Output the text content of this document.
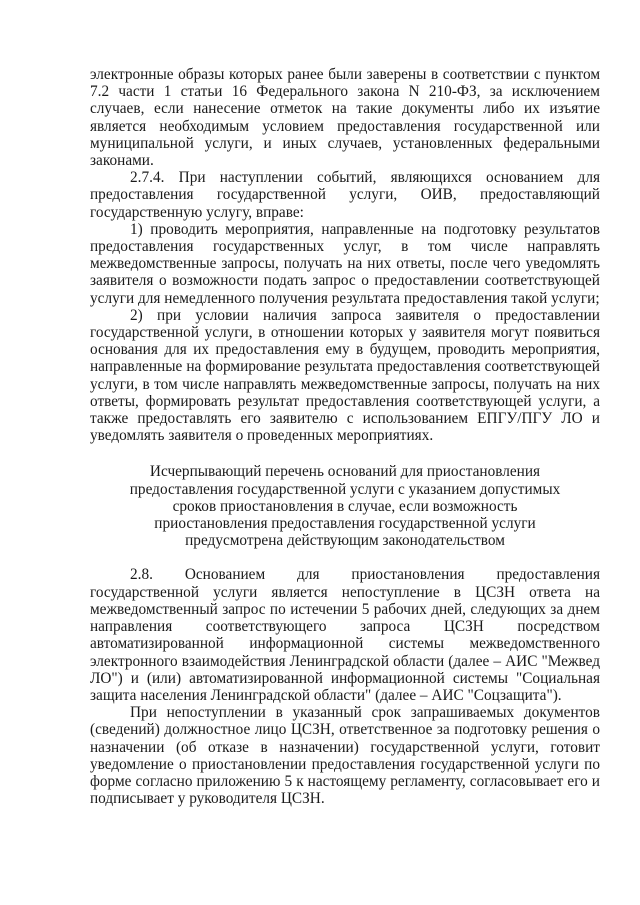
электронные образы которых ранее были заверены в соответствии с пунктом 7.2 части 1 статьи 16 Федерального закона N 210-ФЗ, за исключением случаев, если нанесение отметок на такие документы либо их изъятие является необходимым условием предоставления государственной или муниципальной услуги, и иных случаев, установленных федеральными законами.

2.7.4. При наступлении событий, являющихся основанием для предоставления государственной услуги, ОИВ, предоставляющий государственную услугу, вправе:

1) проводить мероприятия, направленные на подготовку результатов предоставления государственных услуг, в том числе направлять межведомственные запросы, получать на них ответы, после чего уведомлять заявителя о возможности подать запрос о предоставлении соответствующей услуги для немедленного получения результата предоставления такой услуги;

2) при условии наличия запроса заявителя о предоставлении государственной услуги, в отношении которых у заявителя могут появиться основания для их предоставления ему в будущем, проводить мероприятия, направленные на формирование результата предоставления соответствующей услуги, в том числе направлять межведомственные запросы, получать на них ответы, формировать результат предоставления соответствующей услуги, а также предоставлять его заявителю с использованием ЕПГУ/ПГУ ЛО и уведомлять заявителя о проведенных мероприятиях.

Исчерпывающий перечень оснований для приостановления
предоставления государственной услуги с указанием допустимых
сроков приостановления в случае, если возможность
приостановления предоставления государственной услуги
предусмотрена действующим законодательством

2.8. Основанием для приостановления предоставления государственной услуги является непоступление в ЦСЗН ответа на межведомственный запрос по истечении 5 рабочих дней, следующих за днем направления соответствующего запроса ЦСЗН посредством автоматизированной информационной системы межведомственного электронного взаимодействия Ленинградской области (далее – АИС "Межвед ЛО") и (или) автоматизированной информационной системы "Социальная защита населения Ленинградской области" (далее – АИС "Соцзащита").

При непоступлении в указанный срок запрашиваемых документов (сведений) должностное лицо ЦСЗН, ответственное за подготовку решения о назначении (об отказе в назначении) государственной услуги, готовит уведомление о приостановлении предоставления государственной услуги по форме согласно приложению 5 к настоящему регламенту, согласовывает его и подписывает у руководителя ЦСЗН.
